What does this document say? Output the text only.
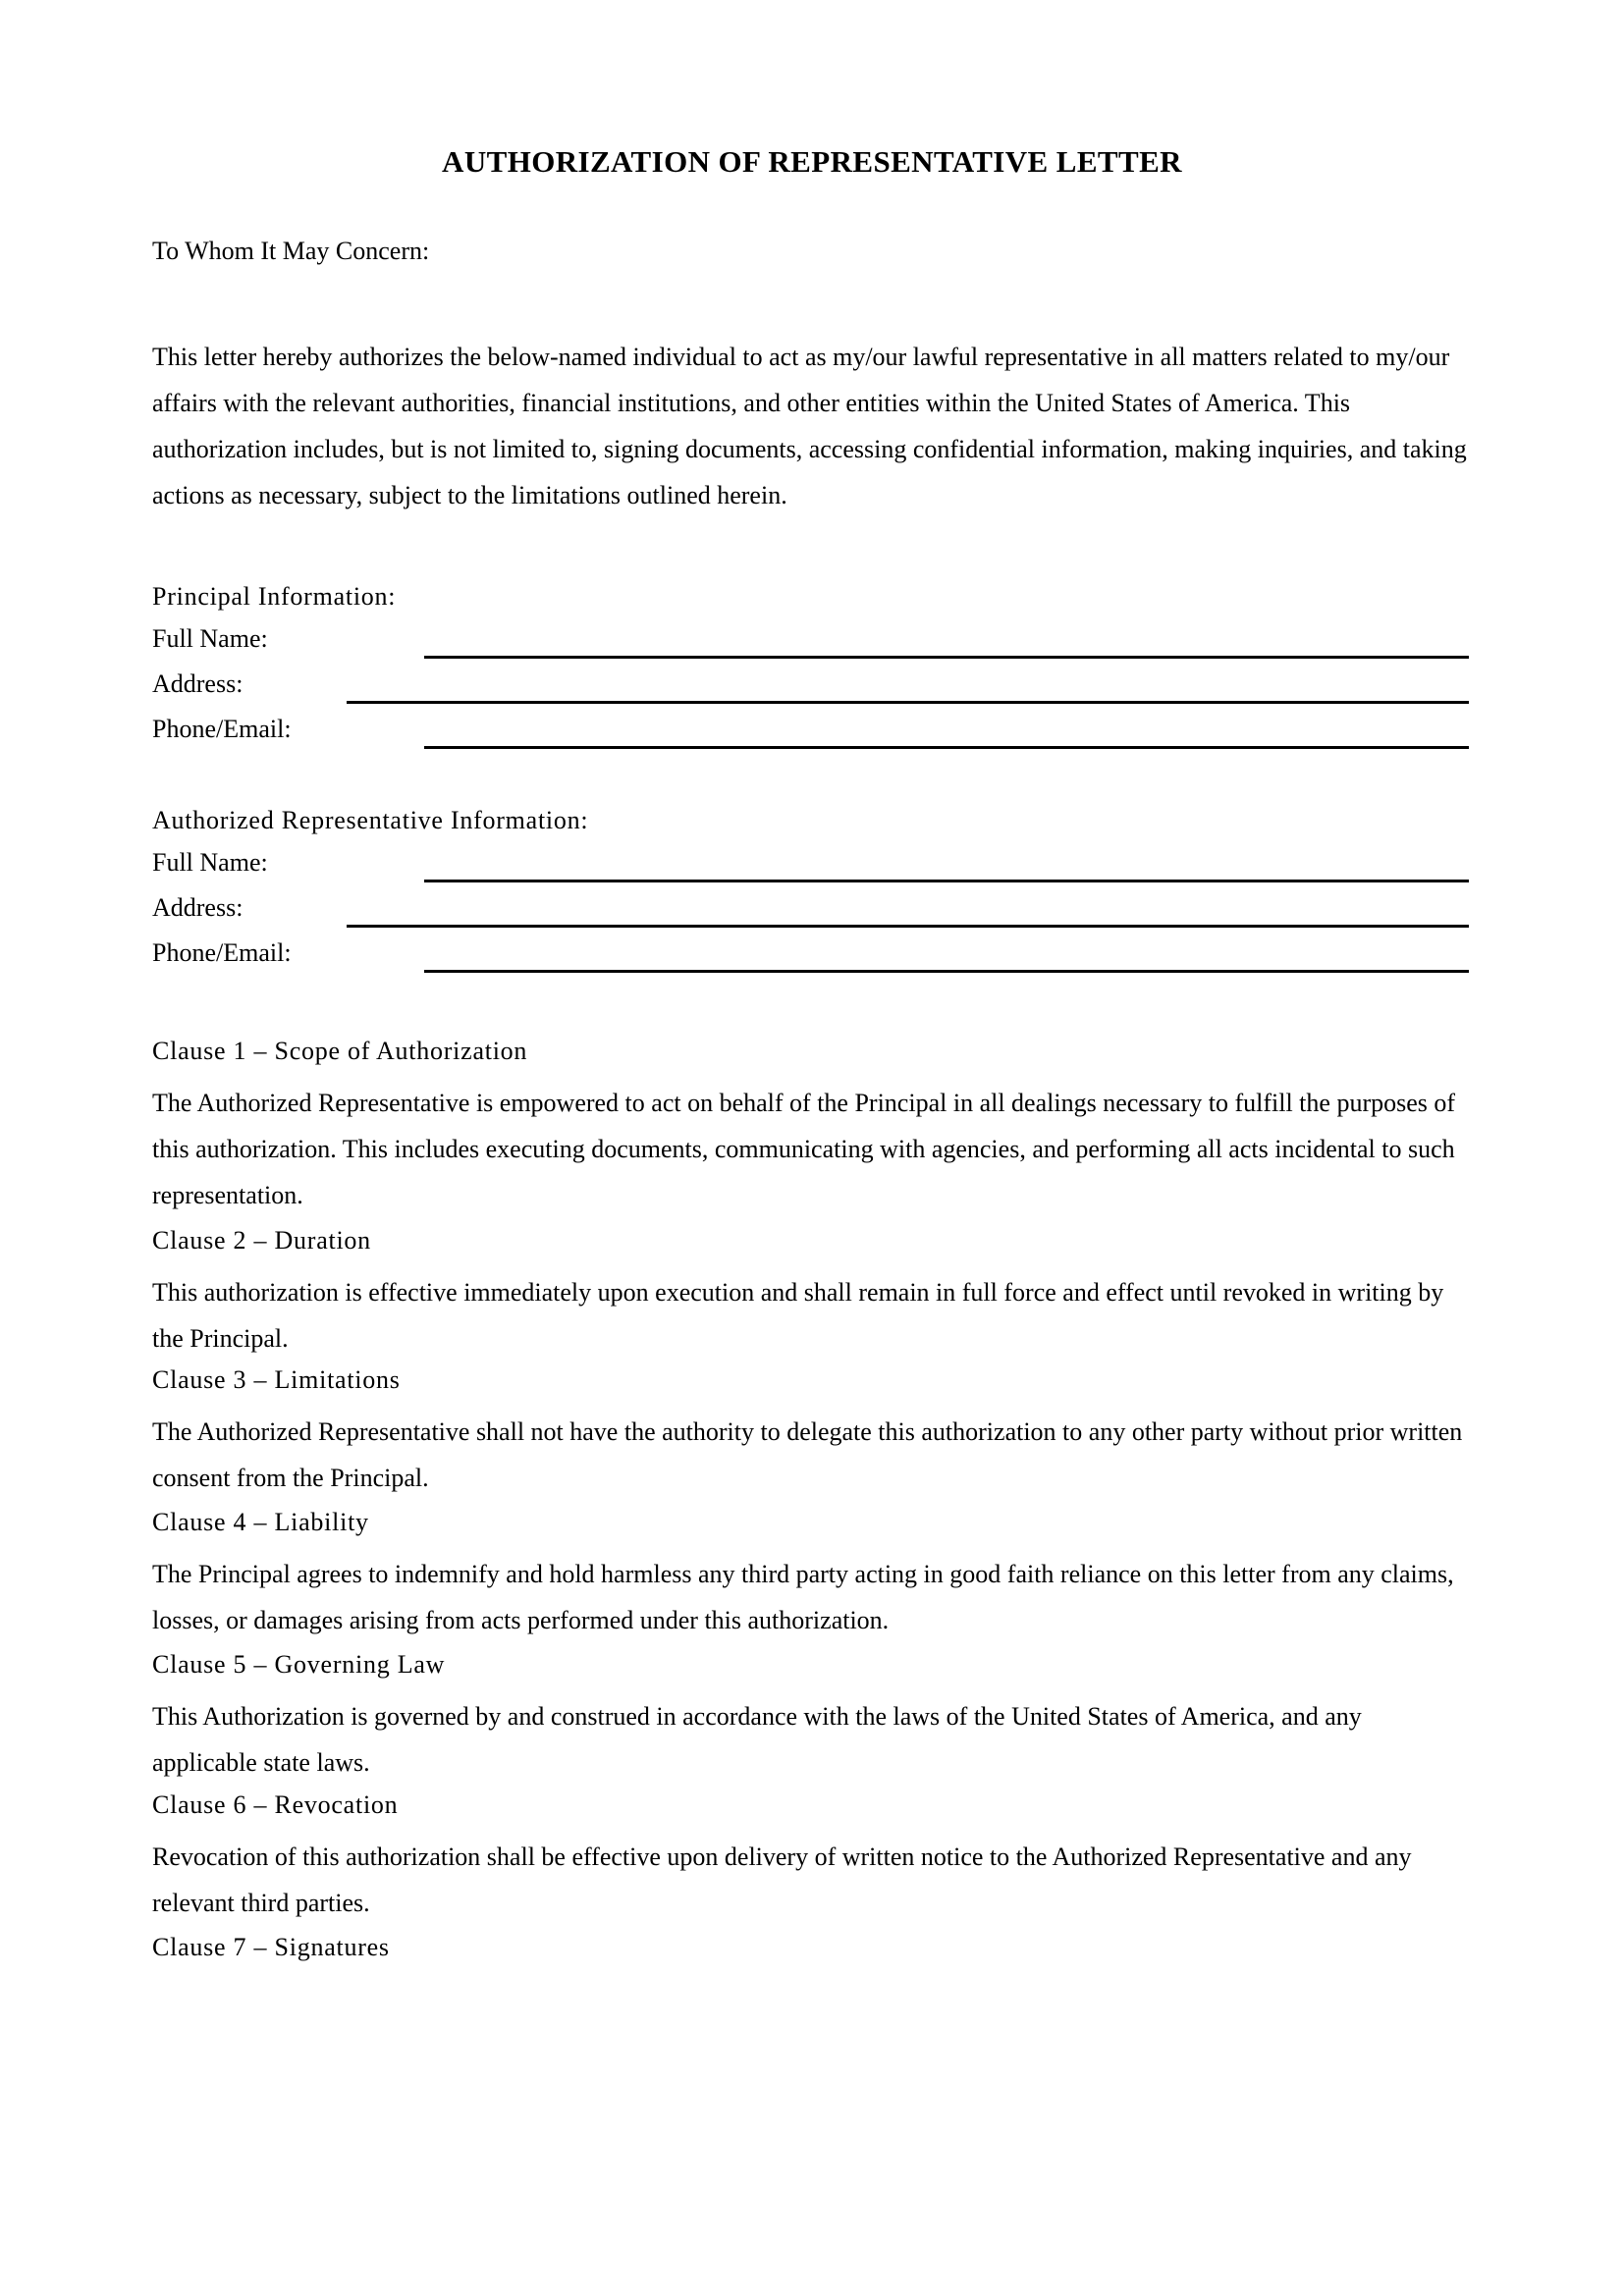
AUTHORIZATION OF REPRESENTATIVE LETTER
To Whom It May Concern:
This letter hereby authorizes the below-named individual to act as my/our lawful representative in all matters related to my/our affairs with the relevant authorities, financial institutions, and other entities within the United States of America. This authorization includes, but is not limited to, signing documents, accessing confidential information, making inquiries, and taking actions as necessary, subject to the limitations outlined herein.
Principal Information:
Full Name:
Address:
Phone/Email:
Authorized Representative Information:
Full Name:
Address:
Phone/Email:
Clause 1 – Scope of Authorization

The Authorized Representative is empowered to act on behalf of the Principal in all dealings necessary to fulfill the purposes of this authorization. This includes executing documents, communicating with agencies, and performing all acts incidental to such representation.

Clause 2 – Duration

This authorization is effective immediately upon execution and shall remain in full force and effect until revoked in writing by the Principal.

Clause 3 – Limitations

The Authorized Representative shall not have the authority to delegate this authorization to any other party without prior written consent from the Principal.

Clause 4 – Liability

The Principal agrees to indemnify and hold harmless any third party acting in good faith reliance on this letter from any claims, losses, or damages arising from acts performed under this authorization.

Clause 5 – Governing Law

This Authorization is governed by and construed in accordance with the laws of the United States of America, and any applicable state laws.

Clause 6 – Revocation

Revocation of this authorization shall be effective upon delivery of written notice to the Authorized Representative and any relevant third parties.

Clause 7 – Signatures
